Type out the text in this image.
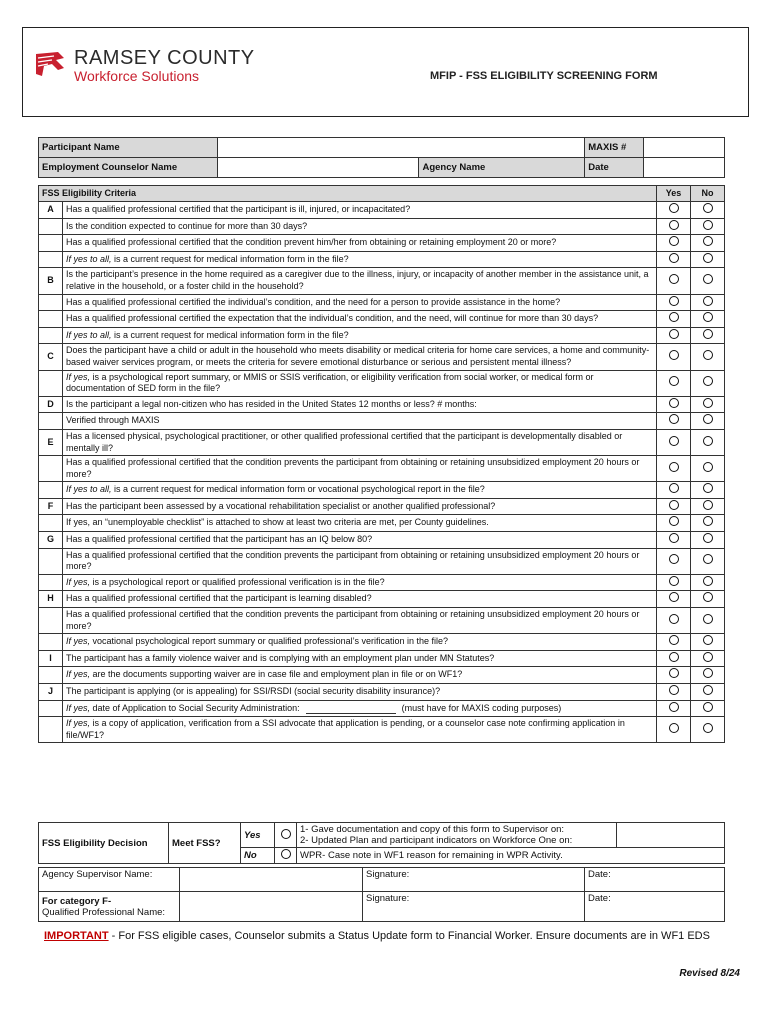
RAMSEY COUNTY
Workforce Solutions	MFIP - FSS ELIGIBILITY SCREENING FORM
Participant Name			MAXIS #	
Employment Counselor Name		Agency Name	Date	
FSS Eligibility Criteria		Yes	No
A	Has a qualified professional certified that the participant is ill, injured, or incapacitated?		
	Is the condition expected to continue for more than 30 days?		
	Has a qualified professional certified that the condition prevent him/her from obtaining or retaining employment 20 or more?		
	If yes to all, is a current request for medical information form in the file?		
B	Is the participant’s presence in the home required as a caregiver due to the illness, injury, or incapacity of another member in the assistance unit, a relative in the household, or a foster child in the household?		
	Has a qualified professional certified the individual’s condition, and the need for a person to provide assistance in the home?		
	Has a qualified professional certified the expectation that the individual’s condition, and the need, will continue for more than 30 days?		
	If yes to all, is a current request for medical information form in the file?		
C	Does the participant have a child or adult in the household who meets disability or medical criteria for home care services, a home and community-based waiver services program, or meets the criteria for severe emotional disturbance or serious and persistent mental illness?		
	If yes, is a psychological report summary, or MMIS or SSIS verification, or eligibility verification from social worker, or medical form or documentation of SED form in the file?		
D	Is the participant a legal non-citizen who has resided in the United States 12 months or less? # months:		
	Verified through MAXIS		
E	Has a licensed physical, psychological practitioner, or other qualified professional certified that the participant is developmentally disabled or mentally ill?		
	Has a qualified professional certified that the condition prevents the participant from obtaining or retaining unsubsidized employment 20 hours or more?		
	If yes to all, is a current request for medical information form or vocational psychological report in the file?		
F	Has the participant been assessed by a vocational rehabilitation specialist or another qualified professional?		
	If yes, an “unemployable checklist” is attached to show at least two criteria are met, per County guidelines.		
G	Has a qualified professional certified that the participant has an IQ below 80?		
	Has a qualified professional certified that the condition prevents the participant from obtaining or retaining unsubsidized employment 20 hours or more?		
	If yes, is a psychological report or qualified professional verification is in the file?		
H	Has a qualified professional certified that the participant is learning disabled?		
	Has a qualified professional certified that the condition prevents the participant from obtaining or retaining unsubsidized employment 20 hours or more?		
	If yes, vocational psychological report summary or qualified professional’s verification in the file?		
I	The participant has a family violence waiver and is complying with an employment plan under MN Statutes?		
	If yes, are the documents supporting waiver are in case file and employment plan in file or on WF1?		
J	The participant is applying (or is appealing) for SSI/RSDI (social security disability insurance)?		
	If yes, date of Application to Social Security Administration: (must have for MAXIS coding purposes)		
	If yes, is a copy of application, verification from a SSI advocate that application is pending, or a counselor case note confirming application in file/WF1?		
FSS Eligibility Decision	Meet FSS?	Yes		1- Gave documentation and copy of this form to Supervisor on:
2- Updated Plan and participant indicators on Workforce One on:	

		No		WPR- Case note in WF1 reason for remaining in WPR Activity.	
Agency Supervisor Name:		Signature:	Date:

For category F-
Qualified Professional Name:		Signature:	Date:
IMPORTANT - For FSS eligible cases, Counselor submits a Status Update form to Financial Worker. Ensure documents are in WF1 EDS
Revised 8/24
